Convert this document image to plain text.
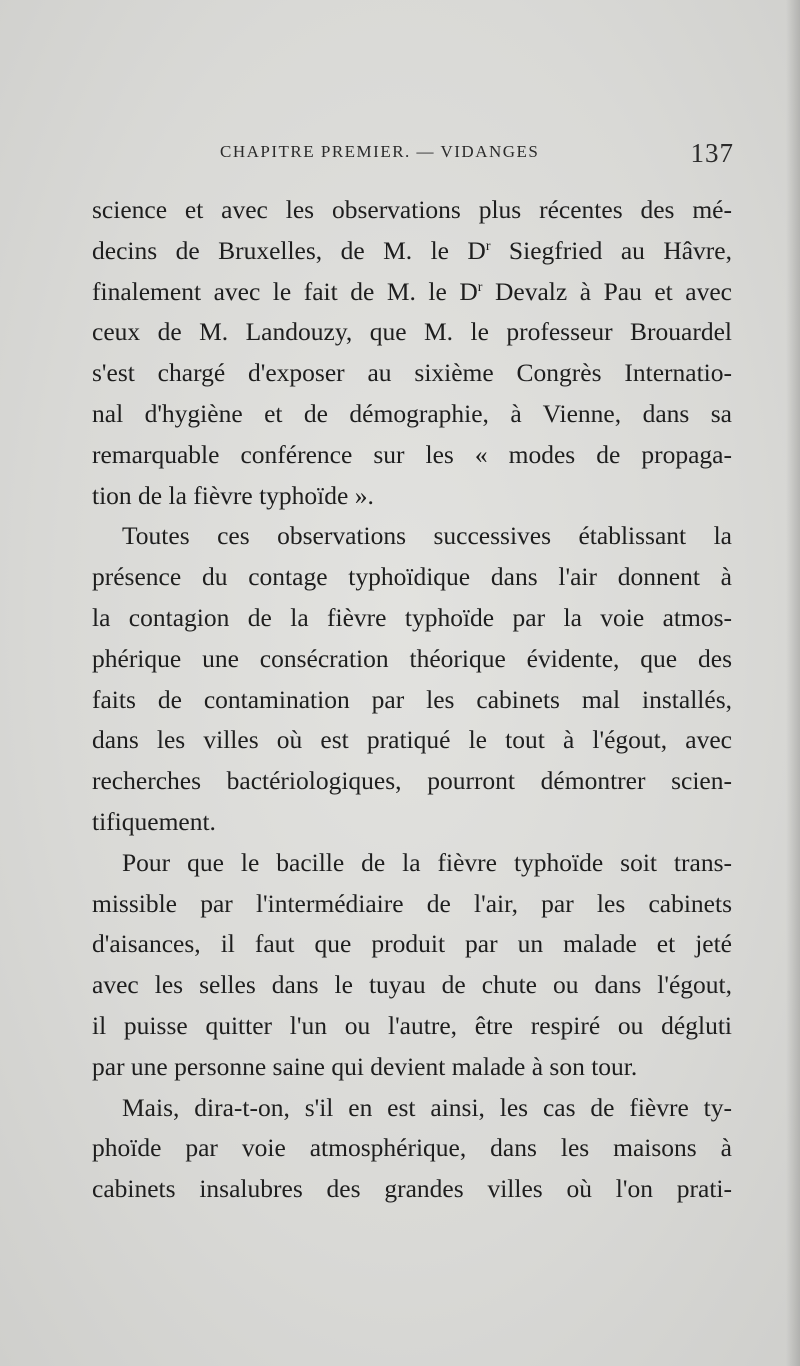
CHAPITRE PREMIER. — VIDANGES	137
science et avec les observations plus récentes des mé-
decins de Bruxelles, de M. le $D^r$ Siegfried au Hâvre,
finalement avec le fait de M. le $D^r$ Devalz à Pau et avec
ceux de M. Landouzy, que M. le professeur Brouardel
s'est chargé d'exposer au sixième Congrès Internatio-
nal d'hygiène et de démographie, à Vienne, dans sa
remarquable conférence sur les « modes de propaga-
tion de la fièvre typhoïde ».
Toutes ces observations successives établissant la
présence du contage typhoïdique dans l'air donnent à
la contagion de la fièvre typhoïde par la voie atmos-
phérique une consécration théorique évidente, que des
faits de contamination par les cabinets mal installés,
dans les villes où est pratiqué le tout à l'égout, avec
recherches bactériologiques, pourront démontrer scien-
tifiquement.
Pour que le bacille de la fièvre typhoïde soit trans-
missible par l'intermédiaire de l'air, par les cabinets
d'aisances, il faut que produit par un malade et jeté
avec les selles dans le tuyau de chute ou dans l'égout,
il puisse quitter l'un ou l'autre, être respiré ou dégluti
par une personne saine qui devient malade à son tour.
Mais, dira-t-on, s'il en est ainsi, les cas de fièvre ty-
phoïde par voie atmosphérique, dans les maisons à
cabinets insalubres des grandes villes où l'on prati-
